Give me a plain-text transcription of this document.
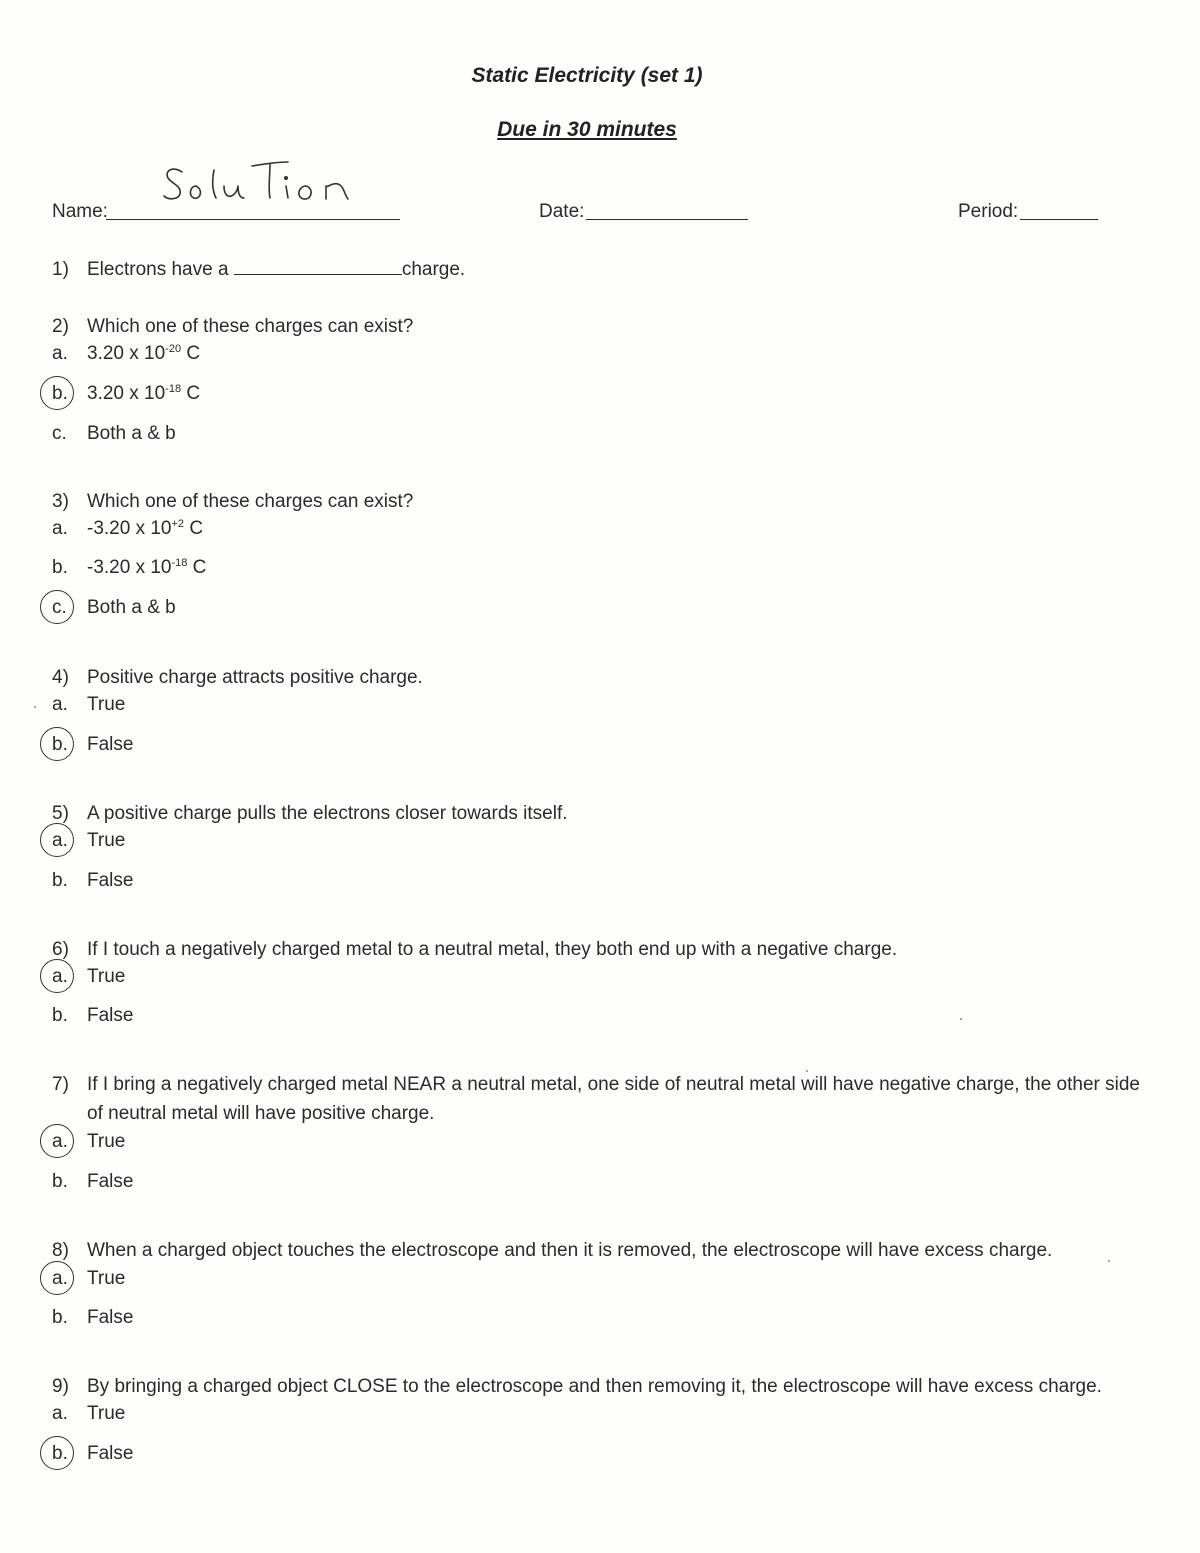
Static Electricity (set 1)
Due in 30 minutes
Name:	Date:	Period:
1) Electrons have a	charge.
2) Which one of these charges can exist?
a. 3.20 x $10^{-20}$ C
b. 3.20 x $10^{-18}$ C
c. Both a & b
3) Which one of these charges can exist?
a. -3.20 x $10^{+2}$ C
b. -3.20 x $10^{-18}$ C
c. Both a & b
4) Positive charge attracts positive charge.
a. True
b. False
5) A positive charge pulls the electrons closer towards itself.
a. True
b. False
6) If I touch a negatively charged metal to a neutral metal, they both end up with a negative charge.
a. True
b. False
7) If I bring a negatively charged metal NEAR a neutral metal, one side of neutral metal will have negative charge, the other side of neutral metal will have positive charge.
a. True
b. False
8) When a charged object touches the electroscope and then it is removed, the electroscope will have excess charge.
a. True
b. False
9) By bringing a charged object CLOSE to the electroscope and then removing it, the electroscope will have excess charge.
a. True
b. False
